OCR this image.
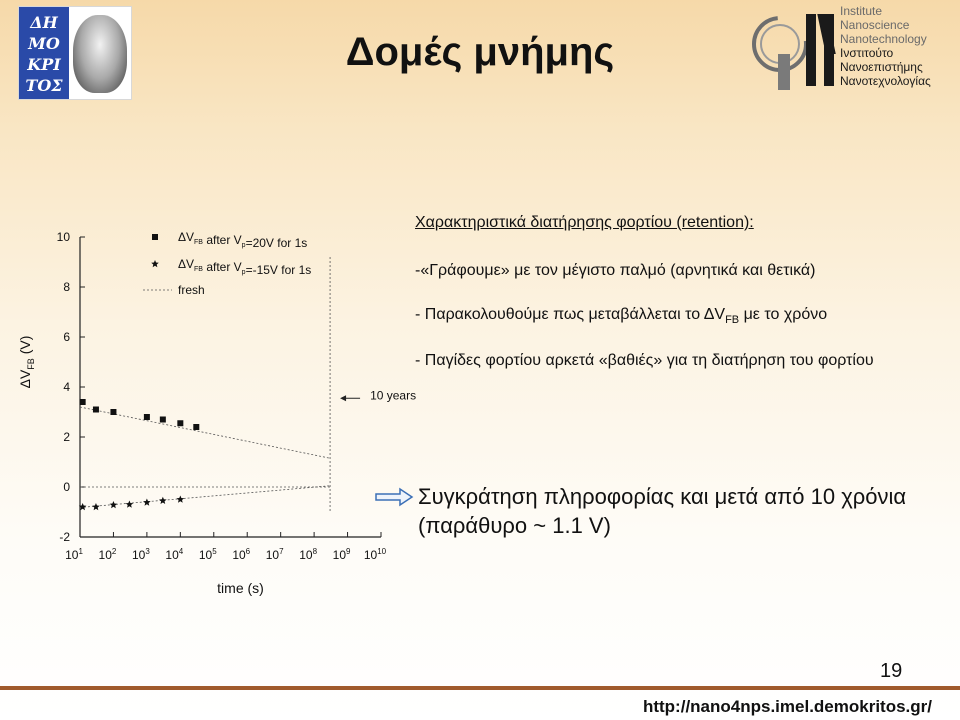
ΔΗ
ΜΟ
ΚΡΙ
ΤΟΣ
Δομές μνήμης
Institute
Nanoscience
Nanotechnology
Ινστιτούτο
Νανοεπιστήμης
Νανοτεχνολογίας
-2
0
2
4
6
8
10
$10^1$ $10^2$ $10^3$ $10^4$ $10^5$ $10^6$ $10^7$ $10^8$ $10^9$ $10^{10}$
time (s)
$\Delta V_{FB}$ (V)
10 years
$\Delta V_{FB}$ after $V_p=20V$ for 1s
$\Delta V_{FB}$ after $V_p=-15V$ for 1s
fresh
Χαρακτηριστικά διατήρησης φορτίου (retention):
-«Γράφουμε» με τον μέγιστο παλμό (αρνητικά και θετικά)
- Παρακολουθούμε πως μεταβάλλεται το $\Delta V_{FB}$ με το χρόνο
- Παγίδες φορτίου αρκετά «βαθιές» για τη διατήρηση του φορτίου
Συγκράτηση πληροφορίας και μετά από 10 χρόνια
(παράθυρο ~ 1.1 V)
19
http://nano4nps.imel.demokritos.gr/
